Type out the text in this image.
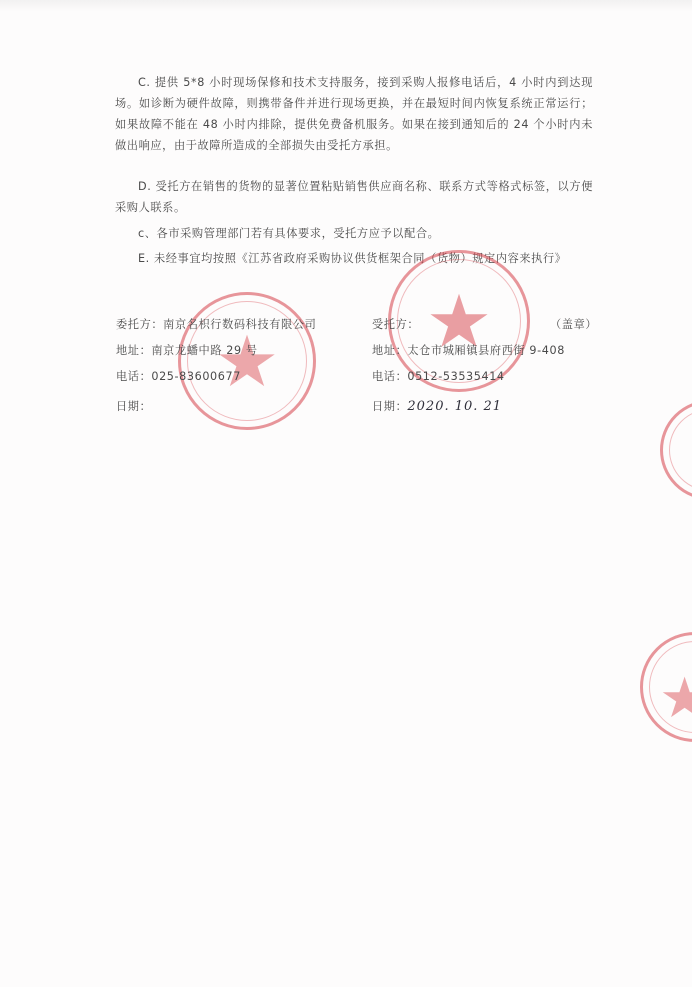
C. 提供 5*8 小时现场保修和技术支持服务，接到采购人报修电话后，4 小时内到达现场。如诊断为硬件故障，则携带备件并进行现场更换，并在最短时间内恢复系统正常运行；如果故障不能在 48 小时内排除，提供免费备机服务。如果在接到通知后的 24 个小时内未做出响应，由于故障所造成的全部损失由受托方承担。

D. 受托方在销售的货物的显著位置粘贴销售供应商名称、联系方式等格式标签，以方便采购人联系。

c、各市采购管理部门若有具体要求，受托方应予以配合。

E. 未经事宜均按照《江苏省政府采购协议供货框架合同（货物）规定内容来执行》

委托方：南京名枳行数码科技有限公司
地址：南京龙蟠中路 29 号
电话：025-83600677
日期：
受托方：	（盖章）
地址：太仓市城厢镇县府西街 9-408
电话：0512-53535414
日期：2020. 10. 21
